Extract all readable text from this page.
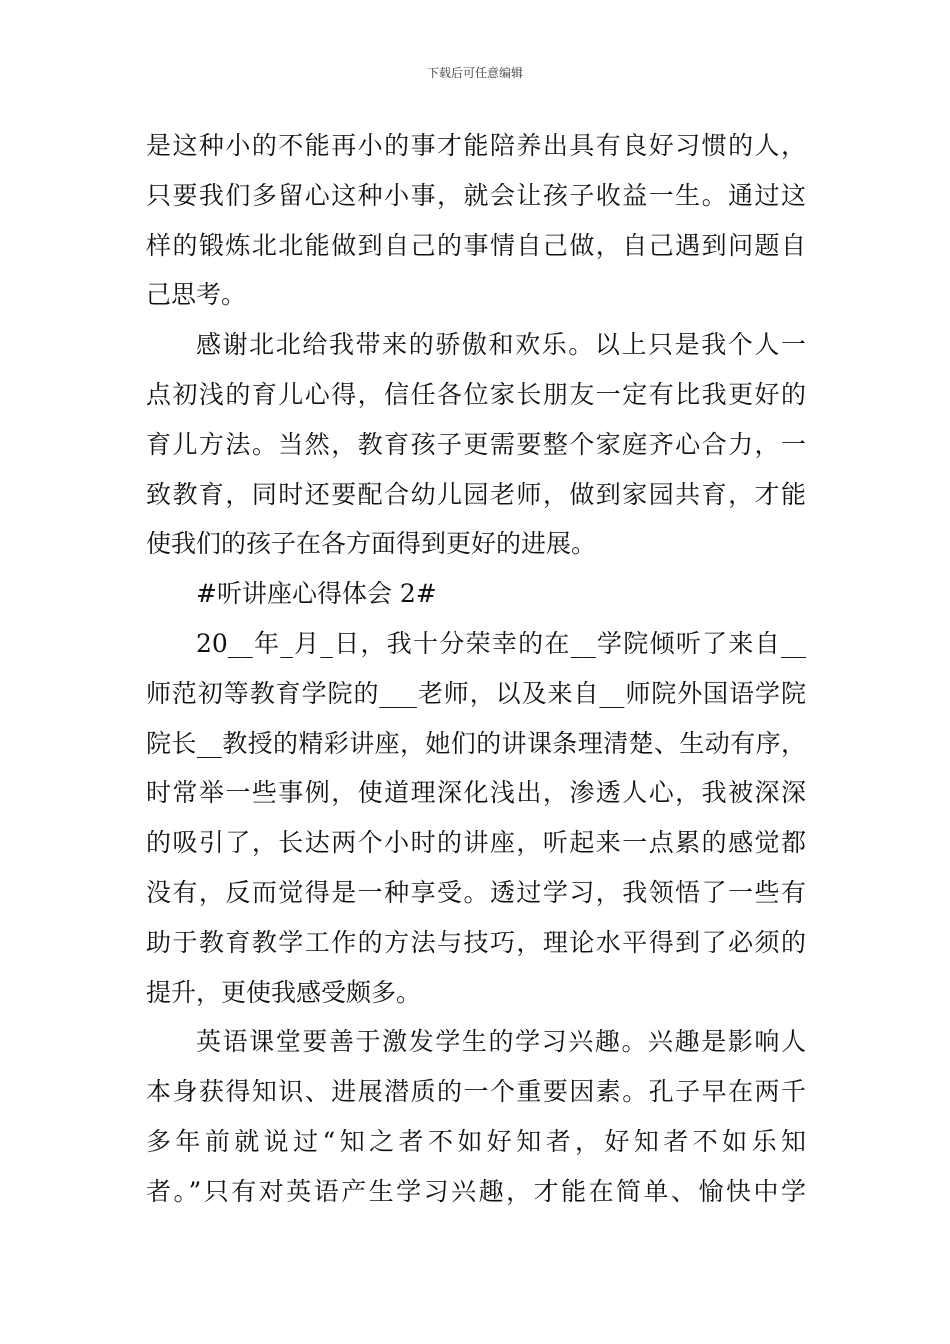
下载后可任意编辑
是这种小的不能再小的事才能陪养出具有良好习惯的人，
只要我们多留心这种小事，就会让孩子收益一生。通过这
样的锻炼北北能做到自己的事情自己做，自己遇到问题自
己思考。
感谢北北给我带来的骄傲和欢乐。以上只是我个人一
点初浅的育儿心得，信任各位家长朋友一定有比我更好的
育儿方法。当然，教育孩子更需要整个家庭齐心合力，一
致教育，同时还要配合幼儿园老师，做到家园共育，才能
使我们的孩子在各方面得到更好的进展。
#听讲座心得体会 2#
20__年_月_日，我十分荣幸的在__学院倾听了来自__
师范初等教育学院的___老师，以及来自__师院外国语学院
院长__教授的精彩讲座，她们的讲课条理清楚、生动有序，
时常举一些事例，使道理深化浅出，渗透人心，我被深深
的吸引了，长达两个小时的讲座，听起来一点累的感觉都
没有，反而觉得是一种享受。透过学习，我领悟了一些有
助于教育教学工作的方法与技巧，理论水平得到了必须的
提升，更使我感受颇多。
英语课堂要善于激发学生的学习兴趣。兴趣是影响人
本身获得知识、进展潜质的一个重要因素。孔子早在两千
多年前就说过“知之者不如好知者，好知者不如乐知
者。”只有对英语产生学习兴趣，才能在简单、愉快中学
